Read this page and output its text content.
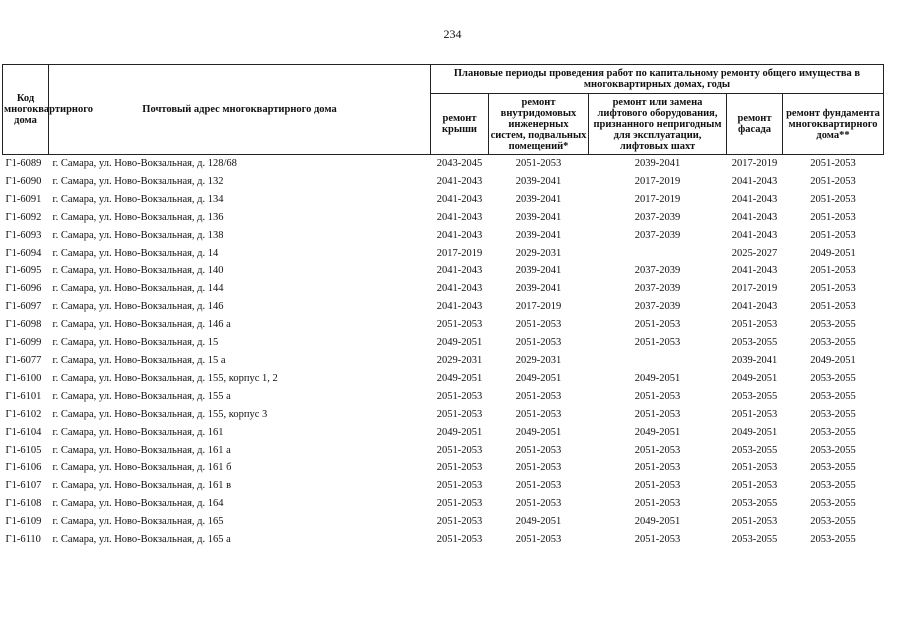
234
Код многоквартирного дома	Почтовый адрес многоквартирного дома	Плановые периоды проведения работ по капитальному ремонту общего имущества в многоквартирных домах, годы				
		ремонт крыши	ремонт внутридомовых инженерных систем, подвальных помещений*	ремонт или замена лифтового оборудования, признанного непригодным для эксплуатации, лифтовых шахт	ремонт фасада	ремонт фундамента многоквартирного дома**
Г1-6089	г. Самара, ул. Ново-Вокзальная, д. 128/68	2043-2045	2051-2053	2039-2041	2017-2019	2051-2053
Г1-6090	г. Самара, ул. Ново-Вокзальная, д. 132	2041-2043	2039-2041	2017-2019	2041-2043	2051-2053
Г1-6091	г. Самара, ул. Ново-Вокзальная, д. 134	2041-2043	2039-2041	2017-2019	2041-2043	2051-2053
Г1-6092	г. Самара, ул. Ново-Вокзальная, д. 136	2041-2043	2039-2041	2037-2039	2041-2043	2051-2053
Г1-6093	г. Самара, ул. Ново-Вокзальная, д. 138	2041-2043	2039-2041	2037-2039	2041-2043	2051-2053
Г1-6094	г. Самара, ул. Ново-Вокзальная, д. 14	2017-2019	2029-2031		2025-2027	2049-2051
Г1-6095	г. Самара, ул. Ново-Вокзальная, д. 140	2041-2043	2039-2041	2037-2039	2041-2043	2051-2053
Г1-6096	г. Самара, ул. Ново-Вокзальная, д. 144	2041-2043	2039-2041	2037-2039	2017-2019	2051-2053
Г1-6097	г. Самара, ул. Ново-Вокзальная, д. 146	2041-2043	2017-2019	2037-2039	2041-2043	2051-2053
Г1-6098	г. Самара, ул. Ново-Вокзальная, д. 146 а	2051-2053	2051-2053	2051-2053	2051-2053	2053-2055
Г1-6099	г. Самара, ул. Ново-Вокзальная, д. 15	2049-2051	2051-2053	2051-2053	2053-2055	2053-2055
Г1-6077	г. Самара, ул. Ново-Вокзальная, д. 15 а	2029-2031	2029-2031		2039-2041	2049-2051
Г1-6100	г. Самара, ул. Ново-Вокзальная, д. 155, корпус 1, 2	2049-2051	2049-2051	2049-2051	2049-2051	2053-2055
Г1-6101	г. Самара, ул. Ново-Вокзальная, д. 155 а	2051-2053	2051-2053	2051-2053	2053-2055	2053-2055
Г1-6102	г. Самара, ул. Ново-Вокзальная, д. 155, корпус 3	2051-2053	2051-2053	2051-2053	2051-2053	2053-2055
Г1-6104	г. Самара, ул. Ново-Вокзальная, д. 161	2049-2051	2049-2051	2049-2051	2049-2051	2053-2055
Г1-6105	г. Самара, ул. Ново-Вокзальная, д. 161 а	2051-2053	2051-2053	2051-2053	2053-2055	2053-2055
Г1-6106	г. Самара, ул. Ново-Вокзальная, д. 161 б	2051-2053	2051-2053	2051-2053	2051-2053	2053-2055
Г1-6107	г. Самара, ул. Ново-Вокзальная, д. 161 в	2051-2053	2051-2053	2051-2053	2051-2053	2053-2055
Г1-6108	г. Самара, ул. Ново-Вокзальная, д. 164	2051-2053	2051-2053	2051-2053	2053-2055	2053-2055
Г1-6109	г. Самара, ул. Ново-Вокзальная, д. 165	2051-2053	2049-2051	2049-2051	2051-2053	2053-2055
Г1-6110	г. Самара, ул. Ново-Вокзальная, д. 165 а	2051-2053	2051-2053	2051-2053	2053-2055	2053-2055
